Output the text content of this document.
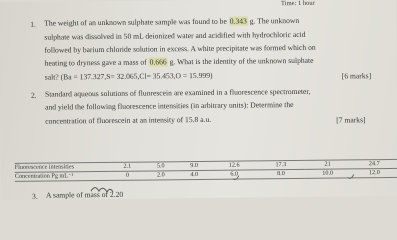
Time: 1 hour
1. The weight of an unknown sulphate sample was found to be 0.343 g. The unknown
sulphate was dissolved in 50 mL deionized water and acidified with hydrochloric acid
followed by barium chloride solution in excess. A white precipitate was formed which on
heating to dryness gave a mass of 0.666 g. What is the identity of the unknown sulphate
salt? (Ba = 137.327,S= 32.065,Cl= 35.453,O = 15.999)	[6 marks]
2. Standard aqueous solutions of fluorescein are examined in a fluorescence spectrometer,
and yield the following fluorescence intensities (in arbitrary units): Determine the
concentration of fluorescein at an intensity of 15.8 a.u.	[7 marks]
Fluorescence intensities	2.1	5.0	9.0	12.6	17.3	21	24.7
Concentration Pg mL⁻¹	0	2.0	4.0	6.0	8.0	10.0	12.0
3. A sample of mass of 2.20
